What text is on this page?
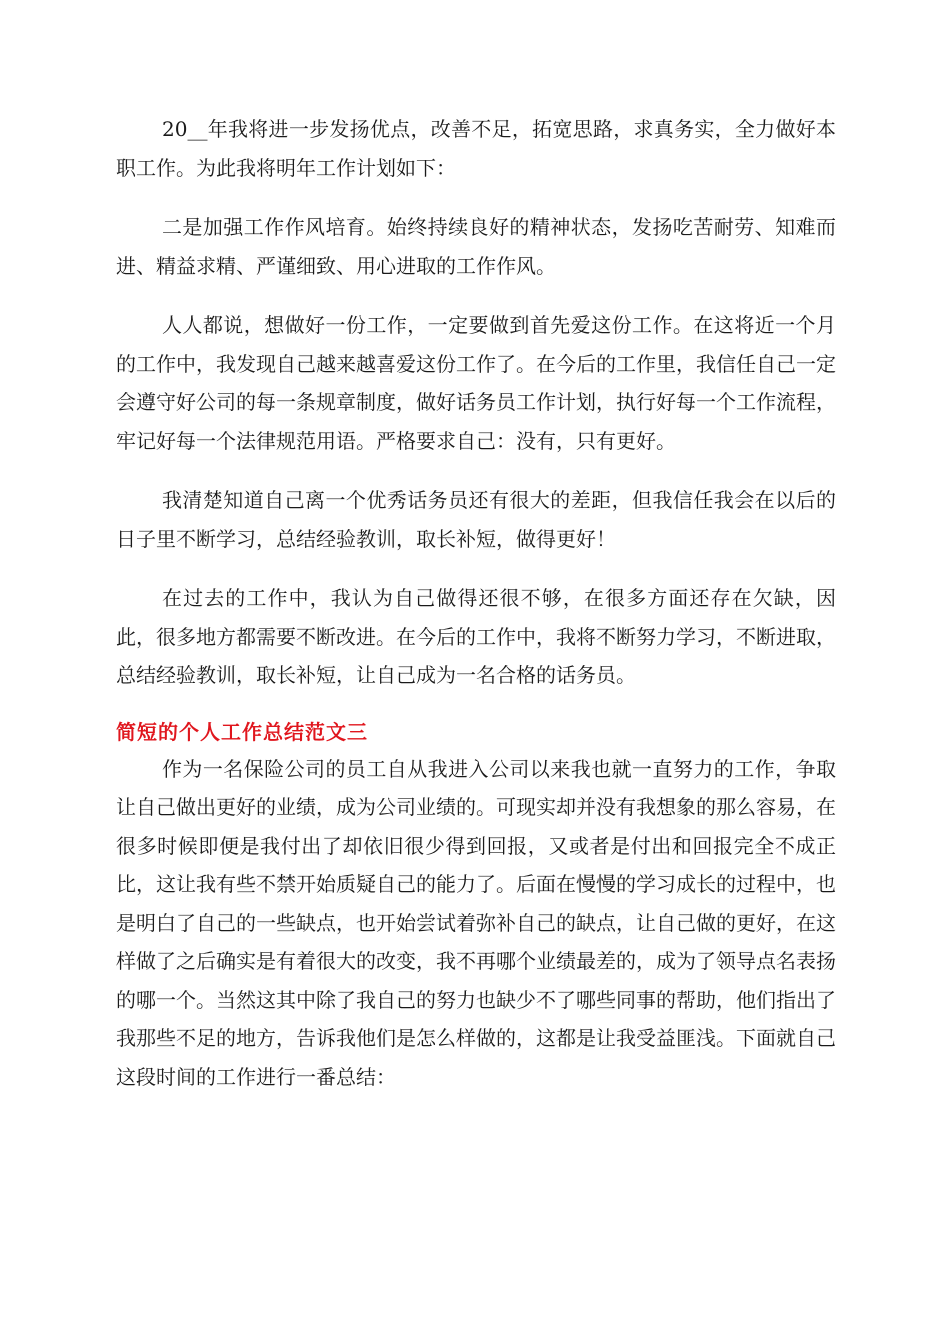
20__年我将进一步发扬优点，改善不足，拓宽思路，求真务实，全力做好本职工作。为此我将明年工作计划如下：

二是加强工作作风培育。始终持续良好的精神状态，发扬吃苦耐劳、知难而进、精益求精、严谨细致、用心进取的工作作风。

人人都说，想做好一份工作，一定要做到首先爱这份工作。在这将近一个月的工作中，我发现自己越来越喜爱这份工作了。在今后的工作里，我信任自己一定会遵守好公司的每一条规章制度，做好话务员工作计划，执行好每一个工作流程，牢记好每一个法律规范用语。严格要求自己：没有，只有更好。

我清楚知道自己离一个优秀话务员还有很大的差距，但我信任我会在以后的日子里不断学习，总结经验教训，取长补短，做得更好！

在过去的工作中，我认为自己做得还很不够，在很多方面还存在欠缺，因此，很多地方都需要不断改进。在今后的工作中，我将不断努力学习，不断进取，总结经验教训，取长补短，让自己成为一名合格的话务员。

简短的个人工作总结范文三

作为一名保险公司的员工自从我进入公司以来我也就一直努力的工作，争取让自己做出更好的业绩，成为公司业绩的。可现实却并没有我想象的那么容易，在很多时候即便是我付出了却依旧很少得到回报，又或者是付出和回报完全不成正比，这让我有些不禁开始质疑自己的能力了。后面在慢慢的学习成长的过程中，也是明白了自己的一些缺点，也开始尝试着弥补自己的缺点，让自己做的更好，在这样做了之后确实是有着很大的改变，我不再哪个业绩最差的，成为了领导点名表扬的哪一个。当然这其中除了我自己的努力也缺少不了哪些同事的帮助，他们指出了我那些不足的地方，告诉我他们是怎么样做的，这都是让我受益匪浅。下面就自己这段时间的工作进行一番总结：
